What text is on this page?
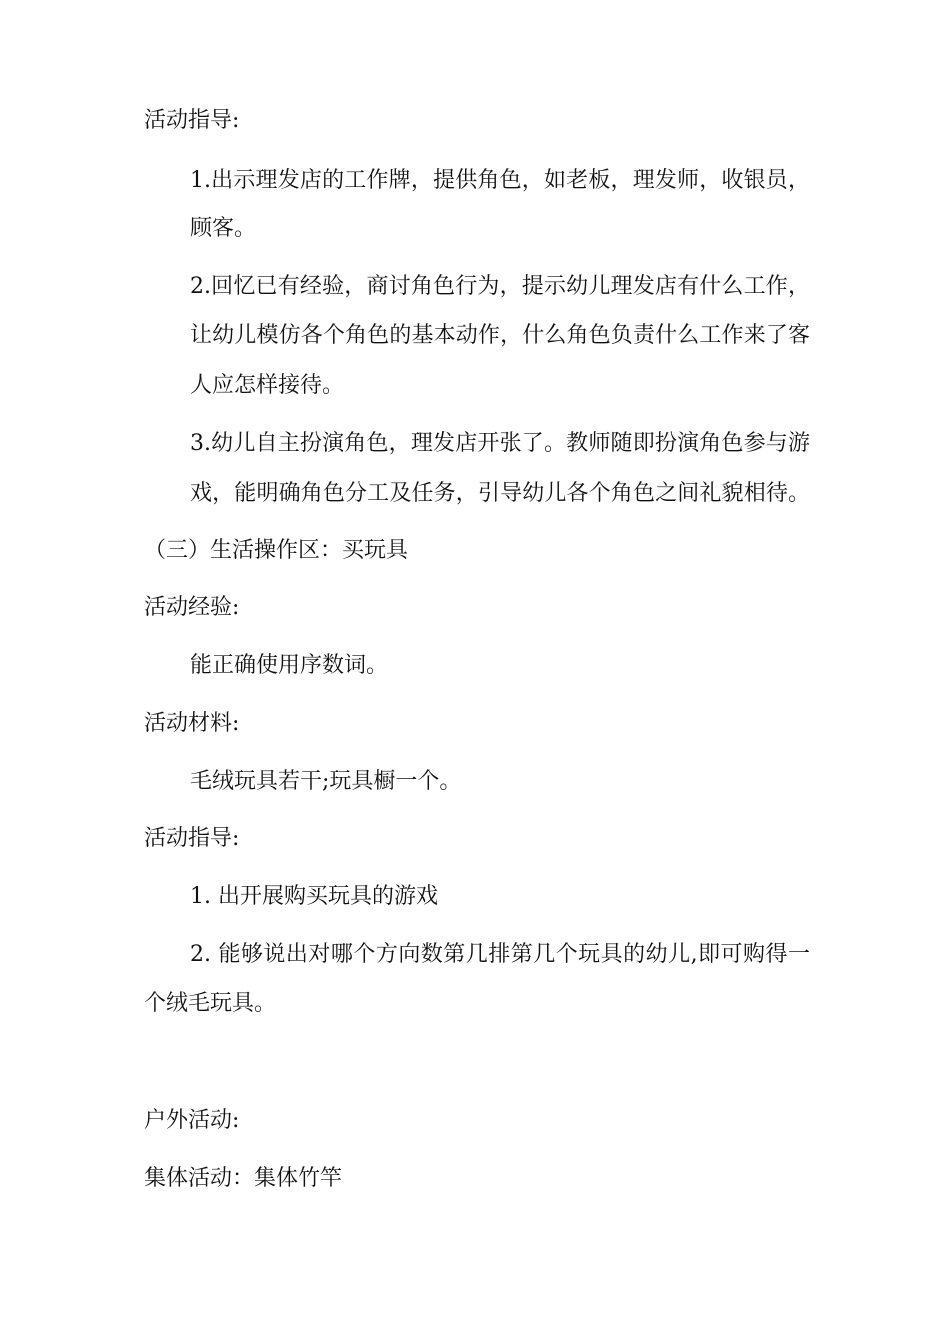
活动指导:
1.出示理发店的工作牌，提供角色，如老板，理发师，收银员，
顾客。
2.回忆已有经验，商讨角色行为，提示幼儿理发店有什么工作，
让幼儿模仿各个角色的基本动作，什么角色负责什么工作来了客
人应怎样接待。
3.幼儿自主扮演角色，理发店开张了。教师随即扮演角色参与游
戏，能明确角色分工及任务，引导幼儿各个角色之间礼貌相待。
（三）生活操作区：买玩具
活动经验:
能正确使用序数词。
活动材料:
毛绒玩具若干;玩具橱一个。
活动指导:
1. 出开展购买玩具的游戏
2. 能够说出对哪个方向数第几排第几个玩具的幼儿,即可购得一
个绒毛玩具。
户外活动:
集体活动：集体竹竿
